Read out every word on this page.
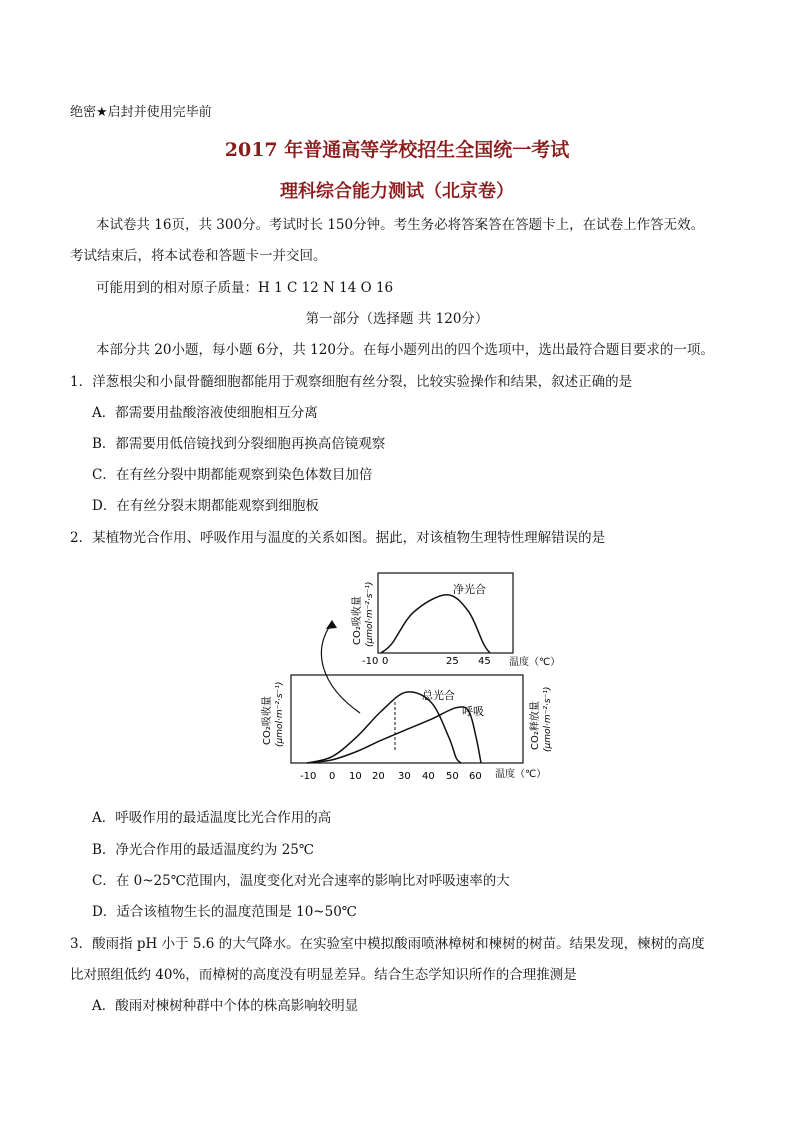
绝密★启封并使用完毕前
2017 年普通高等学校招生全国统一考试
理科综合能力测试（北京卷）
本试卷共 16页，共 300分。考试时长 150分钟。考生务必将答案答在答题卡上，在试卷上作答无效。
考试结束后，将本试卷和答题卡一并交回。
可能用到的相对原子质量：H 1 C 12 N 14 O 16
第一部分（选择题 共 120分）
本部分共 20小题，每小题 6分，共 120分。在每小题列出的四个选项中，选出最符合题目要求的一项。
1．洋葱根尖和小鼠骨髓细胞都能用于观察细胞有丝分裂，比较实验操作和结果，叙述正确的是
A．都需要用盐酸溶液使细胞相互分离
B．都需要用低倍镜找到分裂细胞再换高倍镜观察
C．在有丝分裂中期都能观察到染色体数目加倍
D．在有丝分裂末期都能观察到细胞板
2．某植物光合作用、呼吸作用与温度的关系如图。据此，对该植物生理特性理解错误的是
净光合
CO₂吸收量 (μmol·m⁻²·s⁻¹)
-10 0	25 45 温度（℃）
总光合
呼吸
CO₂吸收量 (μmol·m⁻²·s⁻¹)	CO₂释放量 (μmol·m⁻²·s⁻¹)
-10 0 10 20 30 40 50 60 温度（℃）
A．呼吸作用的最适温度比光合作用的高
B．净光合作用的最适温度约为 25℃
C．在 0~25℃范围内，温度变化对光合速率的影响比对呼吸速率的大
D．适合该植物生长的温度范围是 10~50℃
3．酸雨指 pH 小于 5.6 的大气降水。在实验室中模拟酸雨喷淋樟树和楝树的树苗。结果发现，楝树的高度
比对照组低约 40%，而樟树的高度没有明显差异。结合生态学知识所作的合理推测是
A．酸雨对楝树种群中个体的株高影响较明显
